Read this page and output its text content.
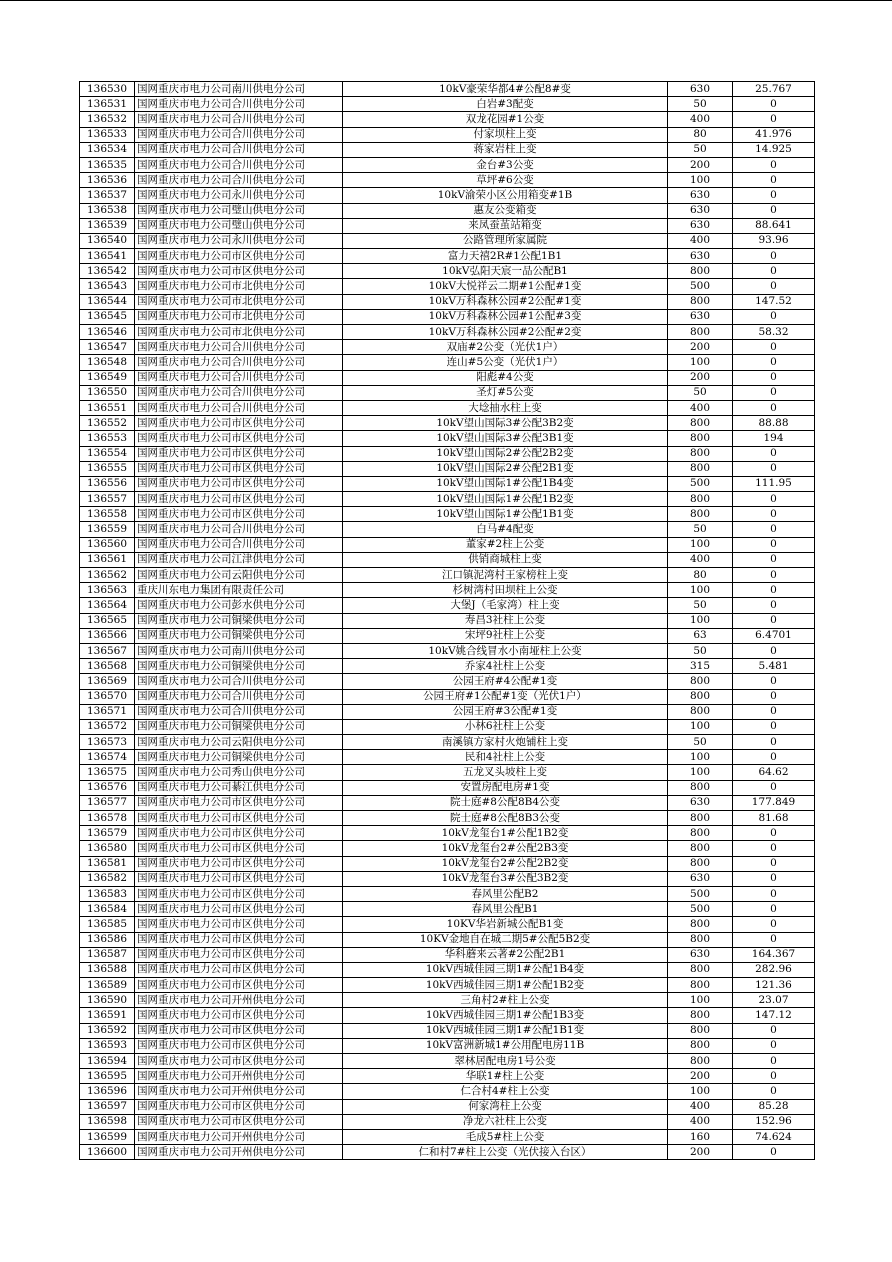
136530	国网重庆市电力公司南川供电分公司	10kV豪荣华都4#公配8#变	630	25.767
136531	国网重庆市电力公司合川供电分公司	白岩#3配变	50	0
136532	国网重庆市电力公司合川供电分公司	双龙花园#1公变	400	0
136533	国网重庆市电力公司合川供电分公司	付家坝柱上变	80	41.976
136534	国网重庆市电力公司合川供电分公司	蒋家岩柱上变	50	14.925
136535	国网重庆市电力公司合川供电分公司	金台#3公变	200	0
136536	国网重庆市电力公司合川供电分公司	草坪#6公变	100	0
136537	国网重庆市电力公司永川供电分公司	10kV渝荣小区公用箱变#1B	630	0
136538	国网重庆市电力公司璧山供电分公司	惠友公变箱变	630	0
136539	国网重庆市电力公司璧山供电分公司	来凤蚕茧站箱变	630	88.641
136540	国网重庆市电力公司永川供电分公司	公路管理所家属院	400	93.96
136541	国网重庆市电力公司市区供电分公司	富力天禧2R#1公配1B1	630	0
136542	国网重庆市电力公司市区供电分公司	10kV弘阳天宸一品公配B1	800	0
136543	国网重庆市电力公司市北供电分公司	10kV大悦祥云二期#1公配#1变	500	0
136544	国网重庆市电力公司市北供电分公司	10kV万科森林公园#2公配#1变	800	147.52
136545	国网重庆市电力公司市北供电分公司	10kV万科森林公园#1公配#3变	630	0
136546	国网重庆市电力公司市北供电分公司	10kV万科森林公园#2公配#2变	800	58.32
136547	国网重庆市电力公司合川供电分公司	双庙#2公变（光伏1户）	200	0
136548	国网重庆市电力公司合川供电分公司	连山#5公变（光伏1户）	100	0
136549	国网重庆市电力公司合川供电分公司	阳彪#4公变	200	0
136550	国网重庆市电力公司合川供电分公司	圣灯#5公变	50	0
136551	国网重庆市电力公司合川供电分公司	大埝抽水柱上变	400	0
136552	国网重庆市电力公司市区供电分公司	10kV望山国际3#公配3B2变	800	88.88
136553	国网重庆市电力公司市区供电分公司	10kV望山国际3#公配3B1变	800	194
136554	国网重庆市电力公司市区供电分公司	10kV望山国际2#公配2B2变	800	0
136555	国网重庆市电力公司市区供电分公司	10kV望山国际2#公配2B1变	800	0
136556	国网重庆市电力公司市区供电分公司	10kV望山国际1#公配1B4变	500	111.95
136557	国网重庆市电力公司市区供电分公司	10kV望山国际1#公配1B2变	800	0
136558	国网重庆市电力公司市区供电分公司	10kV望山国际1#公配1B1变	800	0
136559	国网重庆市电力公司合川供电分公司	白马#4配变	50	0
136560	国网重庆市电力公司合川供电分公司	董家#2柱上公变	100	0
136561	国网重庆市电力公司江津供电分公司	供销商城柱上变	400	0
136562	国网重庆市电力公司云阳供电分公司	江口镇泥湾村王家榜柱上变	80	0
136563	重庆川东电力集团有限责任公司	杉树湾村田坝柱上公变	100	0
136564	国网重庆市电力公司彭水供电分公司	大堡J（毛家湾）柱上变	50	0
136565	国网重庆市电力公司铜梁供电分公司	寿昌3社柱上公变	100	0
136566	国网重庆市电力公司铜梁供电分公司	宋坪9社柱上公变	63	6.4701
136567	国网重庆市电力公司南川供电分公司	10kV姚合线冒水小南垭柱上公变	50	0
136568	国网重庆市电力公司铜梁供电分公司	乔家4社柱上公变	315	5.481
136569	国网重庆市电力公司合川供电分公司	公园王府#4公配#1变	800	0
136570	国网重庆市电力公司合川供电分公司	公园王府#1公配#1变（光伏1户）	800	0
136571	国网重庆市电力公司合川供电分公司	公园王府#3公配#1变	800	0
136572	国网重庆市电力公司铜梁供电分公司	小林6社柱上公变	100	0
136573	国网重庆市电力公司云阳供电分公司	南溪镇方家村火炮铺柱上变	50	0
136574	国网重庆市电力公司铜梁供电分公司	民和4社柱上公变	100	0
136575	国网重庆市电力公司秀山供电分公司	五龙叉头坡柱上变	100	64.62
136576	国网重庆市电力公司綦江供电分公司	安置房配电房#1变	800	0
136577	国网重庆市电力公司市区供电分公司	院士庭#8公配8B4公变	630	177.849
136578	国网重庆市电力公司市区供电分公司	院士庭#8公配8B3公变	800	81.68
136579	国网重庆市电力公司市区供电分公司	10kV龙玺台1#公配1B2变	800	0
136580	国网重庆市电力公司市区供电分公司	10kV龙玺台2#公配2B3变	800	0
136581	国网重庆市电力公司市区供电分公司	10kV龙玺台2#公配2B2变	800	0
136582	国网重庆市电力公司市区供电分公司	10kV龙玺台3#公配3B2变	630	0
136583	国网重庆市电力公司市区供电分公司	春风里公配B2	500	0
136584	国网重庆市电力公司市区供电分公司	春风里公配B1	500	0
136585	国网重庆市电力公司市区供电分公司	10KV华岩新城公配B1变	800	0
136586	国网重庆市电力公司市区供电分公司	10KV金地自在城二期5#公配5B2变	800	0
136587	国网重庆市电力公司市区供电分公司	华科蘑来云著#2公配2B1	630	164.367
136588	国网重庆市电力公司市区供电分公司	10kV西城佳园三期1#公配1B4变	800	282.96
136589	国网重庆市电力公司市区供电分公司	10kV西城佳园三期1#公配1B2变	800	121.36
136590	国网重庆市电力公司开州供电分公司	三角村2#柱上公变	100	23.07
136591	国网重庆市电力公司市区供电分公司	10kV西城佳园三期1#公配1B3变	800	147.12
136592	国网重庆市电力公司市区供电分公司	10kV西城佳园三期1#公配1B1变	800	0
136593	国网重庆市电力公司市区供电分公司	10kV富洲新城1#公用配电房11B	800	0
136594	国网重庆市电力公司市区供电分公司	翠林居配电房1号公变	800	0
136595	国网重庆市电力公司开州供电分公司	华联1#柱上公变	200	0
136596	国网重庆市电力公司开州供电分公司	仁合村4#柱上公变	100	0
136597	国网重庆市电力公司市区供电分公司	何家湾柱上公变	400	85.28
136598	国网重庆市电力公司市区供电分公司	净龙六社柱上公变	400	152.96
136599	国网重庆市电力公司开州供电分公司	毛成5#柱上公变	160	74.624
136600	国网重庆市电力公司开州供电分公司	仁和村7#柱上公变（光伏接入台区）	200	0
